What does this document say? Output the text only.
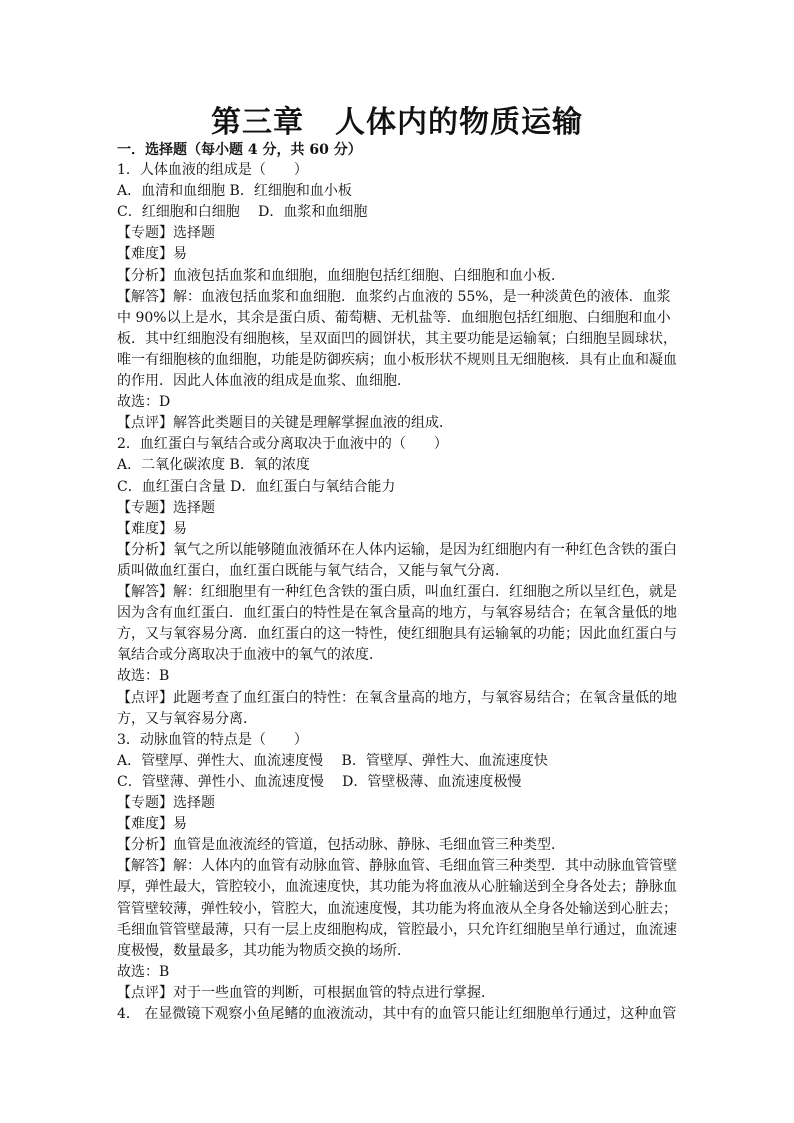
第三章　人体内的物质运输
一．选择题（每小题 4 分，共 60 分）
1．人体血液的组成是（　　）
A．血清和血细胞 B．红细胞和血小板
C．红细胞和白细胞　 D．血浆和血细胞
【专题】选择题
【难度】易
【分析】血液包括血浆和血细胞，血细胞包括红细胞、白细胞和血小板．
【解答】解：血液包括血浆和血细胞．血浆约占血液的 55%，是一种淡黄色的液体．血浆
中 90%以上是水，其余是蛋白质、葡萄糖、无机盐等．血细胞包括红细胞、白细胞和血小
板．其中红细胞没有细胞核，呈双面凹的圆饼状，其主要功能是运输氧；白细胞呈圆球状，
唯一有细胞核的血细胞，功能是防御疾病；血小板形状不规则且无细胞核．具有止血和凝血
的作用．因此人体血液的组成是血浆、血细胞．
故选：D
【点评】解答此类题目的关键是理解掌握血液的组成．
2．血红蛋白与氧结合或分离取决于血液中的（　　）
A．二氧化碳浓度 B．氧的浓度
C．血红蛋白含量 D．血红蛋白与氧结合能力
【专题】选择题
【难度】易
【分析】氧气之所以能够随血液循环在人体内运输，是因为红细胞内有一种红色含铁的蛋白
质叫做血红蛋白，血红蛋白既能与氧气结合，又能与氧气分离．
【解答】解：红细胞里有一种红色含铁的蛋白质，叫血红蛋白．红细胞之所以呈红色，就是
因为含有血红蛋白．血红蛋白的特性是在氧含量高的地方，与氧容易结合；在氧含量低的地
方，又与氧容易分离．血红蛋白的这一特性，使红细胞具有运输氧的功能；因此血红蛋白与
氧结合或分离取决于血液中的氧气的浓度．
故选：B
【点评】此题考查了血红蛋白的特性：在氧含量高的地方，与氧容易结合；在氧含量低的地
方，又与氧容易分离．
3．动脉血管的特点是（　　）
A．管壁厚、弹性大、血流速度慢　 B．管壁厚、弹性大、血流速度快
C．管壁薄、弹性小、血流速度慢　 D．管壁极薄、血流速度极慢
【专题】选择题
【难度】易
【分析】血管是血液流经的管道，包括动脉、静脉、毛细血管三种类型．
【解答】解：人体内的血管有动脉血管、静脉血管、毛细血管三种类型．其中动脉血管管壁
厚，弹性最大，管腔较小，血流速度快，其功能为将血液从心脏输送到全身各处去；静脉血
管管壁较薄，弹性较小，管腔大，血流速度慢，其功能为将血液从全身各处输送到心脏去；
毛细血管管壁最薄，只有一层上皮细胞构成，管腔最小，只允许红细胞呈单行通过，血流速
度极慢，数量最多，其功能为物质交换的场所．
故选：B
【点评】对于一些血管的判断，可根据血管的特点进行掌握．
4． 在显微镜下观察小鱼尾鳍的血液流动，其中有的血管只能让红细胞单行通过，这种血管
